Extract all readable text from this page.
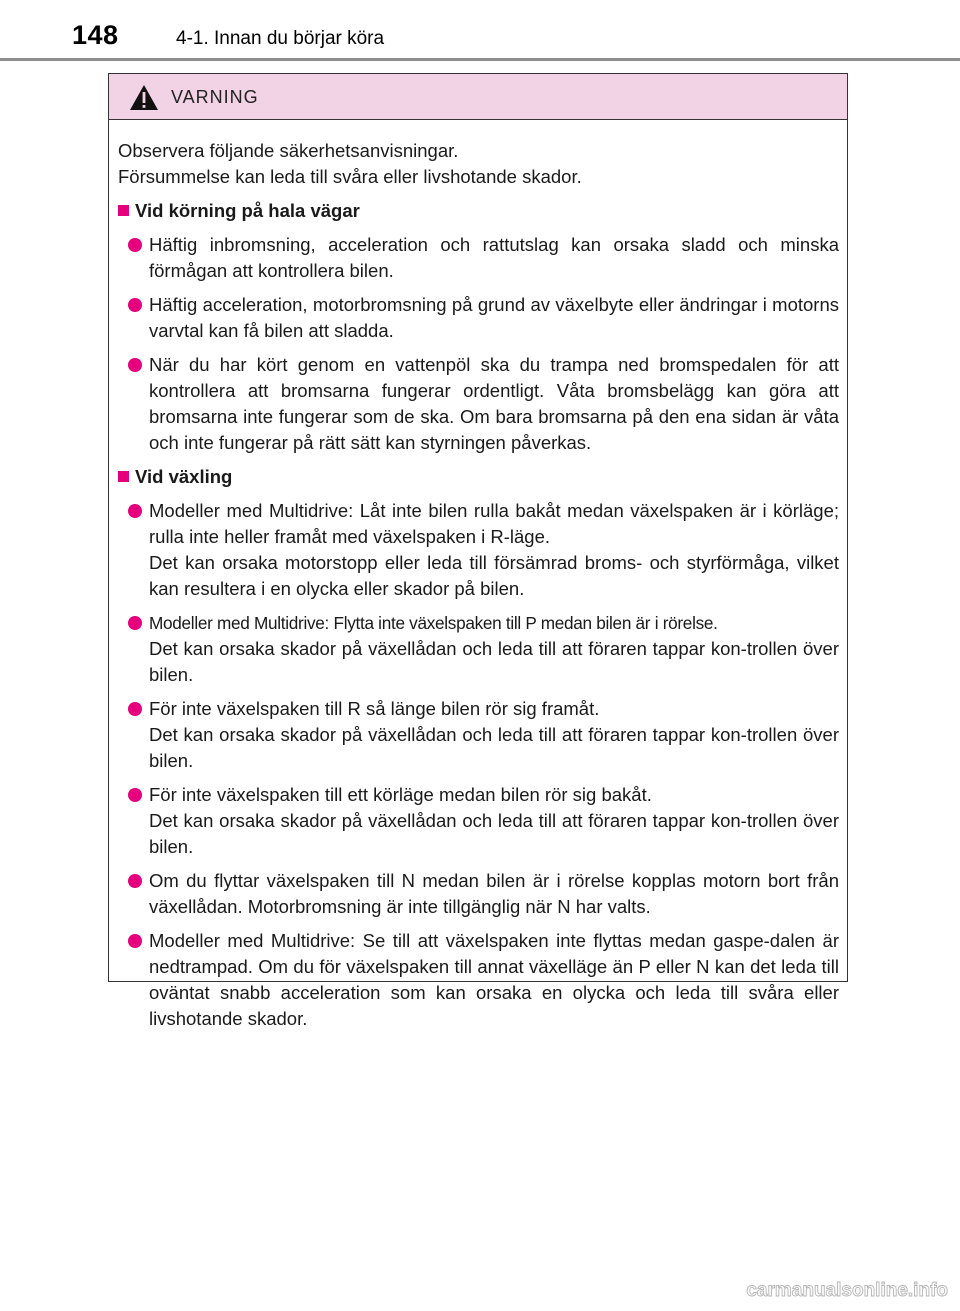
148	4-1. Innan du börjar köra
VARNING

Observera följande säkerhetsanvisningar.

Försummelse kan leda till svåra eller livshotande skador.

Vid körning på hala vägar

Häftig inbromsning, acceleration och rattutslag kan orsaka sladd och minska förmågan att kontrollera bilen.

Häftig acceleration, motorbromsning på grund av växelbyte eller ändringar i motorns varvtal kan få bilen att sladda.

När du har kört genom en vattenpöl ska du trampa ned bromspedalen för att kontrollera att bromsarna fungerar ordentligt. Våta bromsbelägg kan göra att bromsarna inte fungerar som de ska. Om bara bromsarna på den ena sidan är våta och inte fungerar på rätt sätt kan styrningen påverkas.

Vid växling

Modeller med Multidrive: Låt inte bilen rulla bakåt medan växelspaken är i körläge; rulla inte heller framåt med växelspaken i R-läge.

Det kan orsaka motorstopp eller leda till försämrad broms- och styrförmåga, vilket kan resultera i en olycka eller skador på bilen.

Modeller med Multidrive: Flytta inte växelspaken till P medan bilen är i rörelse.

Det kan orsaka skador på växellådan och leda till att föraren tappar kon-trollen över bilen.

För inte växelspaken till R så länge bilen rör sig framåt.

Det kan orsaka skador på växellådan och leda till att föraren tappar kon-trollen över bilen.

För inte växelspaken till ett körläge medan bilen rör sig bakåt.

Det kan orsaka skador på växellådan och leda till att föraren tappar kon-trollen över bilen.

Om du flyttar växelspaken till N medan bilen är i rörelse kopplas motorn bort från växellådan. Motorbromsning är inte tillgänglig när N har valts.

Modeller med Multidrive: Se till att växelspaken inte flyttas medan gaspe-dalen är nedtrampad. Om du för växelspaken till annat växelläge än P eller N kan det leda till oväntat snabb acceleration som kan orsaka en olycka och leda till svåra eller livshotande skador.

carmanualsonline.info
